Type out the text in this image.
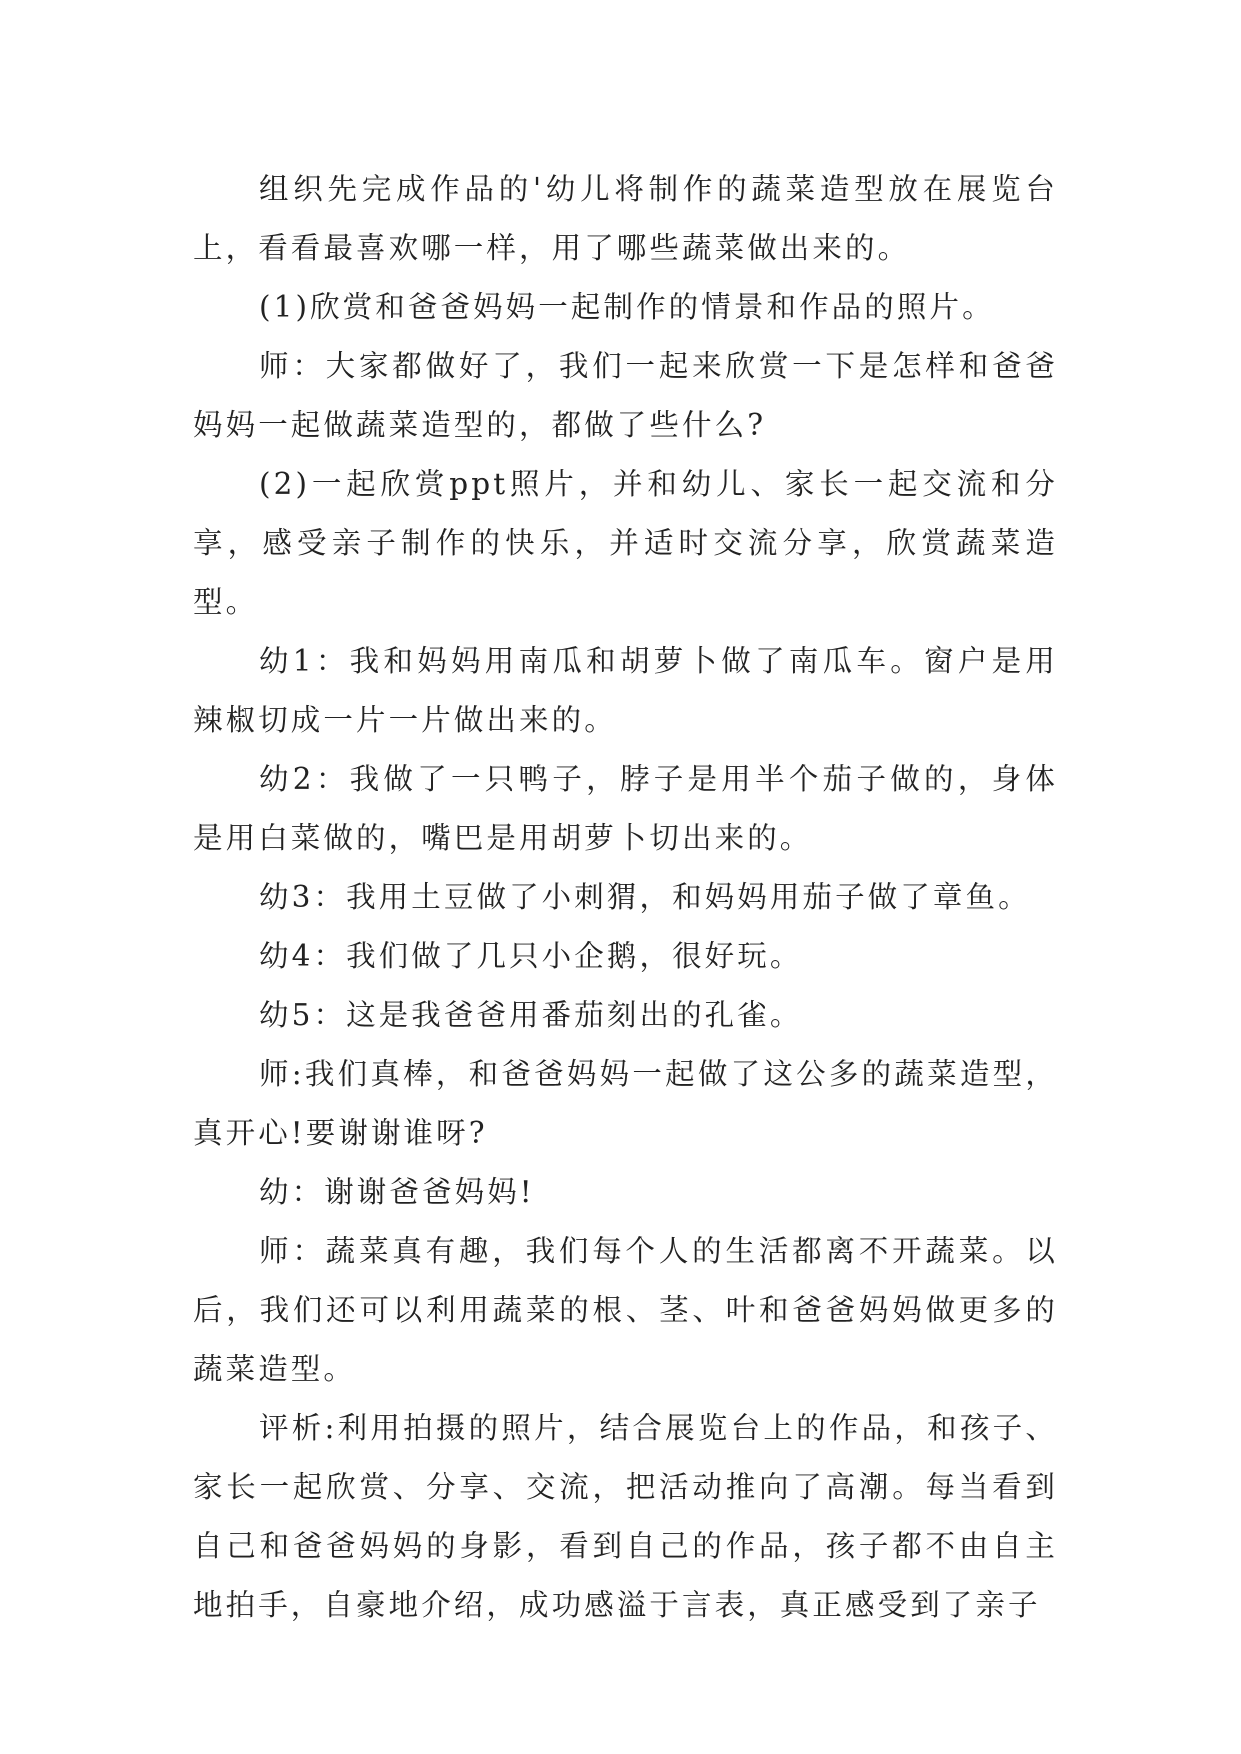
组织先完成作品的'幼儿将制作的蔬菜造型放在展览台上，看看最喜欢哪一样，用了哪些蔬菜做出来的。

(1)欣赏和爸爸妈妈一起制作的情景和作品的照片。

师：大家都做好了，我们一起来欣赏一下是怎样和爸爸妈妈一起做蔬菜造型的，都做了些什么?

(2)一起欣赏ppt照片，并和幼儿、家长一起交流和分享，感受亲子制作的快乐，并适时交流分享，欣赏蔬菜造型。

幼1：我和妈妈用南瓜和胡萝卜做了南瓜车。窗户是用辣椒切成一片一片做出来的。

幼2：我做了一只鸭子，脖子是用半个茄子做的，身体是用白菜做的，嘴巴是用胡萝卜切出来的。

幼3：我用土豆做了小刺猬，和妈妈用茄子做了章鱼。

幼4：我们做了几只小企鹅，很好玩。

幼5：这是我爸爸用番茄刻出的孔雀。

师:我们真棒，和爸爸妈妈一起做了这公多的蔬菜造型，真开心!要谢谢谁呀?

幼：谢谢爸爸妈妈!

师：蔬菜真有趣，我们每个人的生活都离不开蔬菜。以后，我们还可以利用蔬菜的根、茎、叶和爸爸妈妈做更多的蔬菜造型。

评析:利用拍摄的照片，结合展览台上的作品，和孩子、家长一起欣赏、分享、交流，把活动推向了高潮。每当看到自己和爸爸妈妈的身影，看到自己的作品，孩子都不由自主地拍手，自豪地介绍，成功感溢于言表，真正感受到了亲子
